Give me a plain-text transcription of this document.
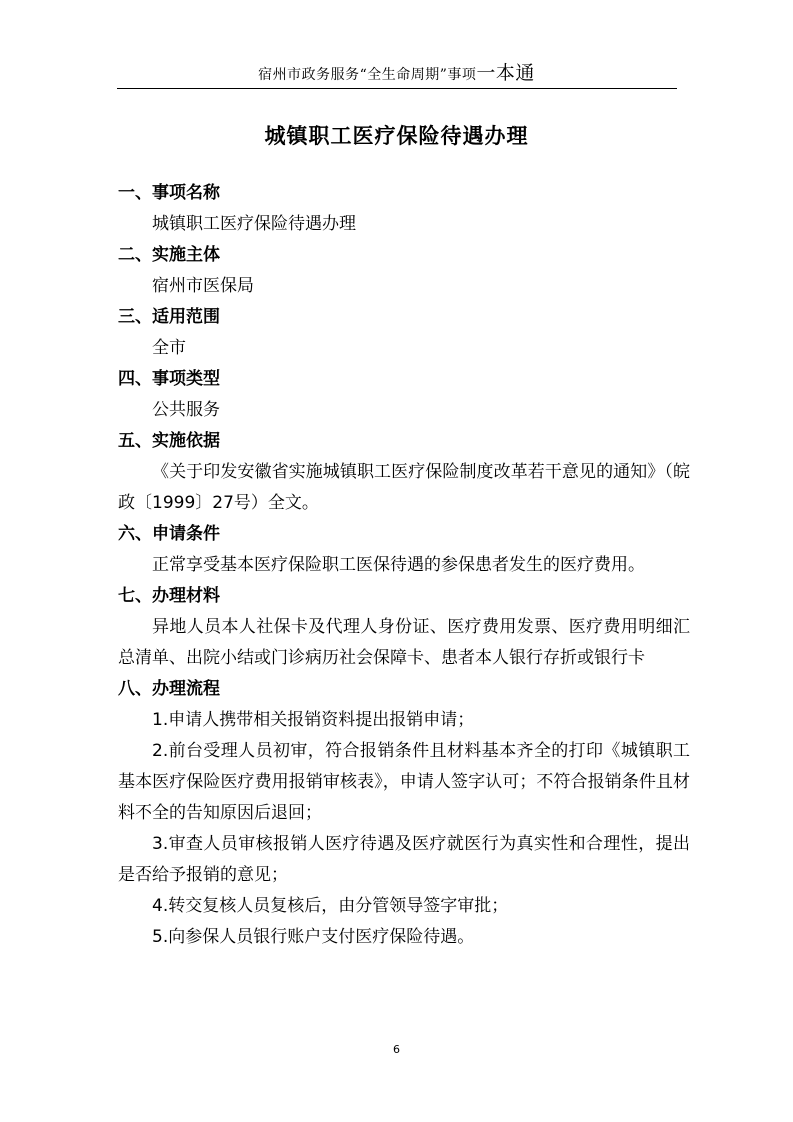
宿州市政务服务“全生命周期”事项一本通
城镇职工医疗保险待遇办理

一、事项名称

城镇职工医疗保险待遇办理

二、实施主体

宿州市医保局

三、适用范围

全市

四、事项类型

公共服务

五、实施依据

《关于印发安徽省实施城镇职工医疗保险制度改革若干意见的通知》（皖政〔1999〕27号）全文。

六、申请条件

正常享受基本医疗保险职工医保待遇的参保患者发生的医疗费用。

七、办理材料

异地人员本人社保卡及代理人身份证、医疗费用发票、医疗费用明细汇总清单、出院小结或门诊病历社会保障卡、患者本人银行存折或银行卡

八、办理流程

1.申请人携带相关报销资料提出报销申请；

2.前台受理人员初审，符合报销条件且材料基本齐全的打印《城镇职工基本医疗保险医疗费用报销审核表》，申请人签字认可；不符合报销条件且材料不全的告知原因后退回；

3.审查人员审核报销人医疗待遇及医疗就医行为真实性和合理性，提出是否给予报销的意见；

4.转交复核人员复核后，由分管领导签字审批；

5.向参保人员银行账户支付医疗保险待遇。

6
